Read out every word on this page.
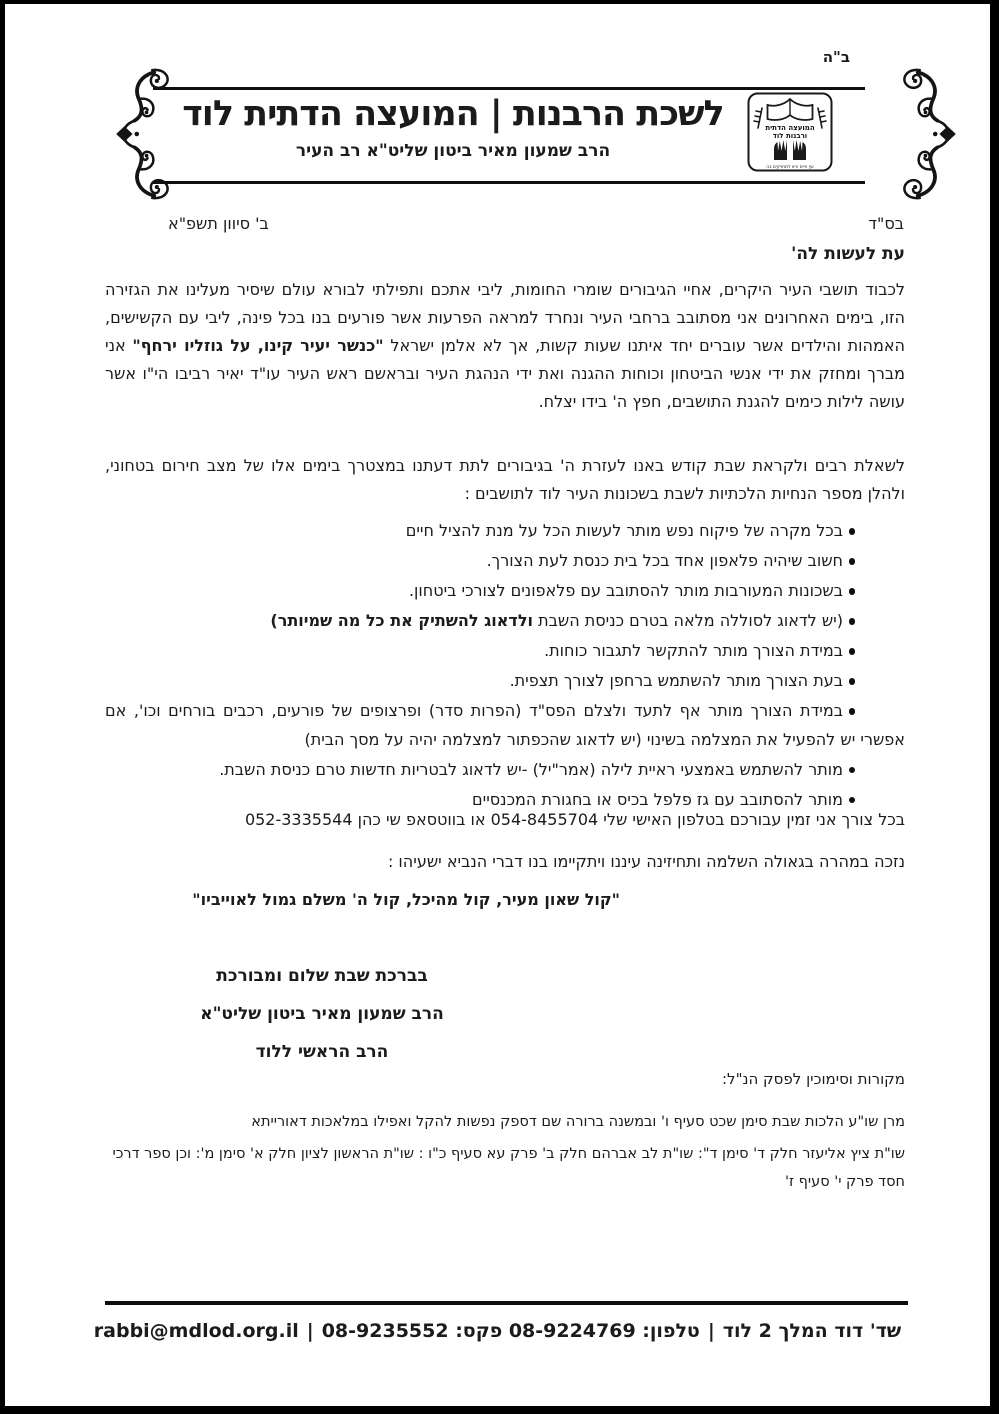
ב"ה
לשכת הרבנות | המועצה הדתית לוד
הרב שמעון מאיר ביטון שליט"א רב העיר
המועצה הדתית
ורבנות לוד
עץ חיים היא למחזיקים בה
בס"ד
ב' סיוון תשפ"א
עת לעשות לה'

לכבוד תושבי העיר היקרים, אחיי הגיבורים שומרי החומות, ליבי אתכם ותפילתי לבורא עולם שיסיר מעלינו את הגזירה הזו, בימים האחרונים אני מסתובב ברחבי העיר ונחרד למראה הפרעות אשר פורעים בנו בכל פינה, ליבי עם הקשישים, האמהות והילדים אשר עוברים יחד איתנו שעות קשות, אך לא אלמן ישראל "כנשר יעיר קינו, על גוזליו ירחף" אני מברך ומחזק את ידי אנשי הביטחון וכוחות ההגנה ואת ידי הנהגת העיר ובראשם ראש העיר עו"ד יאיר רביבו הי"ו אשר עושה לילות כימים להגנת התושבים, חפץ ה' בידו יצלח.

לשאלת רבים ולקראת שבת קודש באנו לעזרת ה' בגיבורים לתת דעתנו במצטרך בימים אלו של מצב חירום בטחוני, ולהלן מספר הנחיות הלכתיות לשבת בשכונות העיר לוד לתושבים :

בכל מקרה של פיקוח נפש מותר לעשות הכל על מנת להציל חיים
חשוב שיהיה פלאפון אחד בכל בית כנסת לעת הצורך.
בשכונות המעורבות מותר להסתובב עם פלאפונים לצורכי ביטחון.
(יש לדאוג לסוללה מלאה בטרם כניסת השבת ולדאוג להשתיק את כל מה שמיותר)
במידת הצורך מותר להתקשר לתגבור כוחות.
בעת הצורך מותר להשתמש ברחפן לצורך תצפית.
במידת הצורך מותר אף לתעד ולצלם הפס"ד (הפרות סדר) ופרצופים של פורעים, רכבים בורחים וכו', אם אפשרי יש להפעיל את המצלמה בשינוי (יש לדאוג שהכפתור למצלמה יהיה על מסך הבית)
מותר להשתמש באמצעי ראיית לילה (אמר"יל) -יש לדאוג לבטריות חדשות טרם כניסת השבת.
מותר להסתובב עם גז פלפל בכיס או בחגורת המכנסיים

בכל צורך אני זמין עבורכם בטלפון האישי שלי 054-8455704 או בווטסאפ שי כהן 052-3335544

נזכה במהרה בגאולה השלמה ותחיזינה עיננו ויתקיימו בנו דברי הנביא ישעיהו :

"קול שאון מעיר, קול מהיכל, קול ה' משלם גמול לאוייביו"
בברכת שבת שלום ומבורכת
הרב שמעון מאיר ביטון שליט"א
הרב הראשי ללוד
מקורות וסימוכין לפסק הנ"ל:

מרן שו"ע הלכות שבת סימן שכט סעיף ו' ובמשנה ברורה שם דספק נפשות להקל ואפילו במלאכות דאורייתא

שו"ת ציץ אליעזר חלק ד' סימן ד": שו"ת לב אברהם חלק ב' פרק עא סעיף כ"ו : שו"ת הראשון לציון חלק א' סימן מ': וכן ספר דרכי חסד פרק י' סעיף ז'

שד' דוד המלך 2 לוד|טלפון: 08-9224769 פקס: 08-9235552|rabbi@mdlod.org.il
